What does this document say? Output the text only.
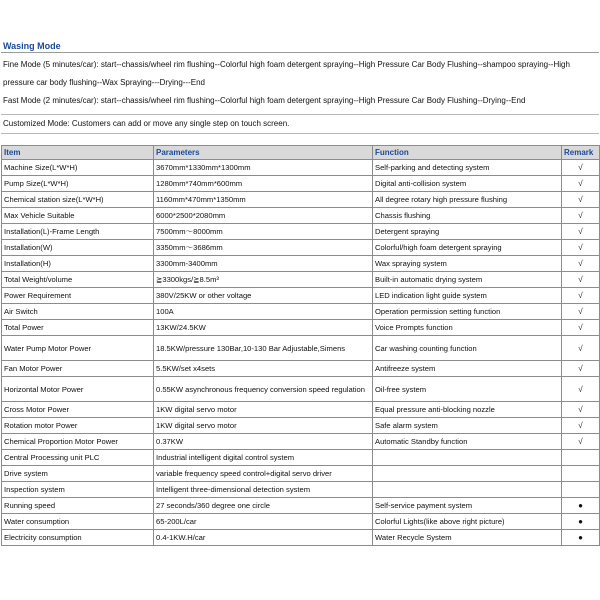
Wasing Mode

Fine Mode (5 minutes/car): start--chassis/wheel rim flushing--Colorful high foam detergent spraying--High Pressure Car Body Flushing--shampoo spraying--High pressure car body flushing--Wax Spraying---Drying---End

Fast Mode (2 minutes/car): start--chassis/wheel rim flushing--Colorful high foam detergent spraying--High Pressure Car Body Flushing--Drying--End

Customized Mode: Customers can add or move any single step on touch screen.
Item	Parameters	Function	Remark
Machine Size(L*W*H)	3670mm*1330mm*1300mm	Self-parking and detecting system	√
Pump Size(L*W*H)	1280mm*740mm*600mm	Digital anti-collision system	√
Chemical station size(L*W*H)	1160mm*470mm*1350mm	All degree rotary high pressure flushing	√
Max Vehicle Suitable	6000*2500*2080mm	Chassis flushing	√
Installation(L)-Frame Length	7500mm～8000mm	Detergent spraying	√
Installation(W)	3350mm～3686mm	Colorful/high foam detergent spraying	√
Installation(H)	3300mm-3400mm	Wax spraying system	√
Total Weight/volume	≧3300kgs/≧8.5m³	Built-in automatic drying system	√
Power Requirement	380V/25KW or other voltage	LED indication light guide system	√
Air Switch	100A	Operation permission setting function	√
Total Power	13KW/24.5KW	Voice Prompts function	√
Water Pump Motor Power	18.5KW/pressure 130Bar,10-130 Bar Adjustable,Simens	Car washing counting function	√
Fan Motor Power	5.5KW/set x4sets	Antifreeze system	√
Horizontal Motor Power	0.55KW asynchronous frequency conversion speed regulation	Oil-free system	√
Cross Motor Power	1KW digital servo motor	Equal pressure anti-blocking nozzle	√
Rotation motor Power	1KW digital servo motor	Safe alarm system	√
Chemical Proportion Motor Power	0.37KW	Automatic Standby function	√
Central Processing unit PLC	Industrial intelligent digital control system		
Drive system	variable frequency speed control+digital servo driver		
Inspection system	Intelligent three-dimensional detection system		
Running speed	27 seconds/360 degree one circle	Self-service payment system	●
Water consumption	65-200L/car	Colorful Lights(like above right picture)	●
Electricity consumption	0.4-1KW.H/car	Water Recycle System	●
